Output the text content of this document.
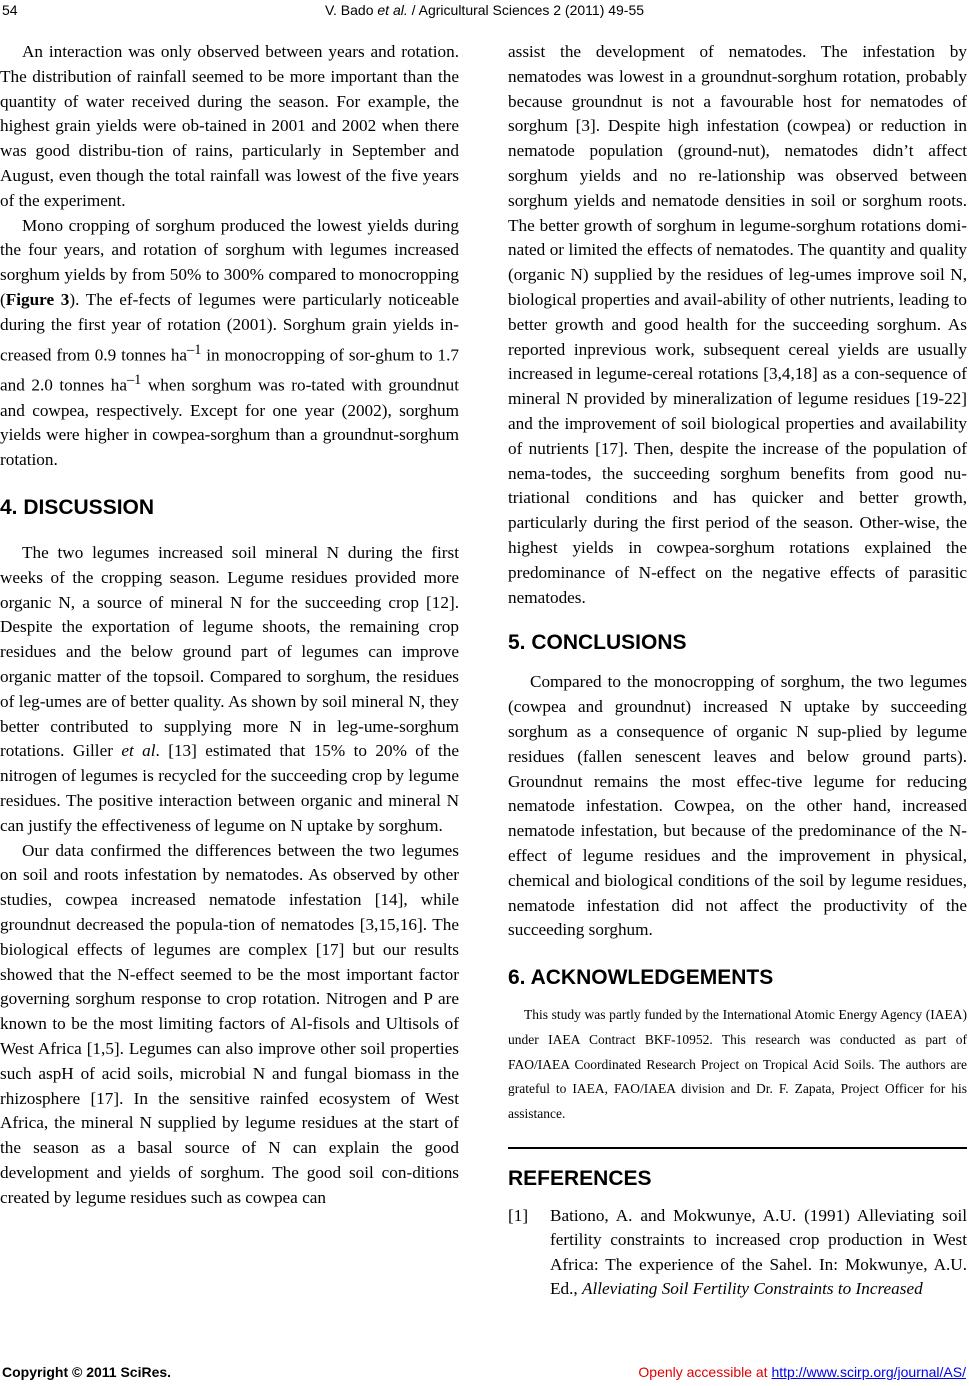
54	V. Bado et al. / Agricultural Sciences 2 (2011) 49-55

An interaction was only observed between years and rotation. The distribution of rainfall seemed to be more important than the quantity of water received during the season. For example, the highest grain yields were ob-tained in 2001 and 2002 when there was good distribu-tion of rains, particularly in September and August, even though the total rainfall was lowest of the five years of the experiment.

Mono cropping of sorghum produced the lowest yields during the four years, and rotation of sorghum with legumes increased sorghum yields by from 50% to 300% compared to monocropping (Figure 3). The ef-fects of legumes were particularly noticeable during the first year of rotation (2001). Sorghum grain yields in-creased from 0.9 tonnes $ha^{-1}$ in monocropping of sor-ghum to 1.7 and 2.0 tonnes $ha^{-1}$ when sorghum was ro-tated with groundnut and cowpea, respectively. Except for one year (2002), sorghum yields were higher in cowpea-sorghum than a groundnut-sorghum rotation.

4. DISCUSSION

The two legumes increased soil mineral N during the first weeks of the cropping season. Legume residues provided more organic N, a source of mineral N for the succeeding crop [12]. Despite the exportation of legume shoots, the remaining crop residues and the below ground part of legumes can improve organic matter of the topsoil. Compared to sorghum, the residues of leg-umes are of better quality. As shown by soil mineral N, they better contributed to supplying more N in leg-ume-sorghum rotations. Giller et al. [13] estimated that 15% to 20% of the nitrogen of legumes is recycled for the succeeding crop by legume residues. The positive interaction between organic and mineral N can justify the effectiveness of legume on N uptake by sorghum.

Our data confirmed the differences between the two legumes on soil and roots infestation by nematodes. As observed by other studies, cowpea increased nematode infestation [14], while groundnut decreased the popula-tion of nematodes [3,15,16]. The biological effects of legumes are complex [17] but our results showed that the N-effect seemed to be the most important factor governing sorghum response to crop rotation. Nitrogen and P are known to be the most limiting factors of Al-fisols and Ultisols of West Africa [1,5]. Legumes can also improve other soil properties such aspH of acid soils, microbial N and fungal biomass in the rhizosphere [17]. In the sensitive rainfed ecosystem of West Africa, the mineral N supplied by legume residues at the start of the season as a basal source of N can explain the good development and yields of sorghum. The good soil con-ditions created by legume residues such as cowpea can

assist the development of nematodes. The infestation by nematodes was lowest in a groundnut-sorghum rotation, probably because groundnut is not a favourable host for nematodes of sorghum [3]. Despite high infestation (cowpea) or reduction in nematode population (ground-nut), nematodes didn’t affect sorghum yields and no re-lationship was observed between sorghum yields and nematode densities in soil or sorghum roots. The better growth of sorghum in legume-sorghum rotations domi-nated or limited the effects of nematodes. The quantity and quality (organic N) supplied by the residues of leg-umes improve soil N, biological properties and avail-ability of other nutrients, leading to better growth and good health for the succeeding sorghum. As reported inprevious work, subsequent cereal yields are usually increased in legume-cereal rotations [3,4,18] as a con-sequence of mineral N provided by mineralization of legume residues [19-22] and the improvement of soil biological properties and availability of nutrients [17]. Then, despite the increase of the population of nema-todes, the succeeding sorghum benefits from good nu-triational conditions and has quicker and better growth, particularly during the first period of the season. Other-wise, the highest yields in cowpea-sorghum rotations explained the predominance of N-effect on the negative effects of parasitic nematodes.

5. CONCLUSIONS

Compared to the monocropping of sorghum, the two legumes (cowpea and groundnut) increased N uptake by succeeding sorghum as a consequence of organic N sup-plied by legume residues (fallen senescent leaves and below ground parts). Groundnut remains the most effec-tive legume for reducing nematode infestation. Cowpea, on the other hand, increased nematode infestation, but because of the predominance of the N-effect of legume residues and the improvement in physical, chemical and biological conditions of the soil by legume residues, nematode infestation did not affect the productivity of the succeeding sorghum.

6. ACKNOWLEDGEMENTS
This study was partly funded by the International Atomic Energy Agency (IAEA) under IAEA Contract BKF-10952. This research was conducted as part of FAO/IAEA Coordinated Research Project on Tropical Acid Soils. The authors are grateful to IAEA, FAO/IAEA division and Dr. F. Zapata, Project Officer for his assistance.
REFERENCES
[1]	Bationo, A. and Mokwunye, A.U. (1991) Alleviating soil fertility constraints to increased crop production in West Africa: The experience of the Sahel. In: Mokwunye, A.U. Ed., Alleviating Soil Fertility Constraints to Increased
Copyright © 2011 SciRes.	Openly accessible at http://www.scirp.org/journal/AS/
